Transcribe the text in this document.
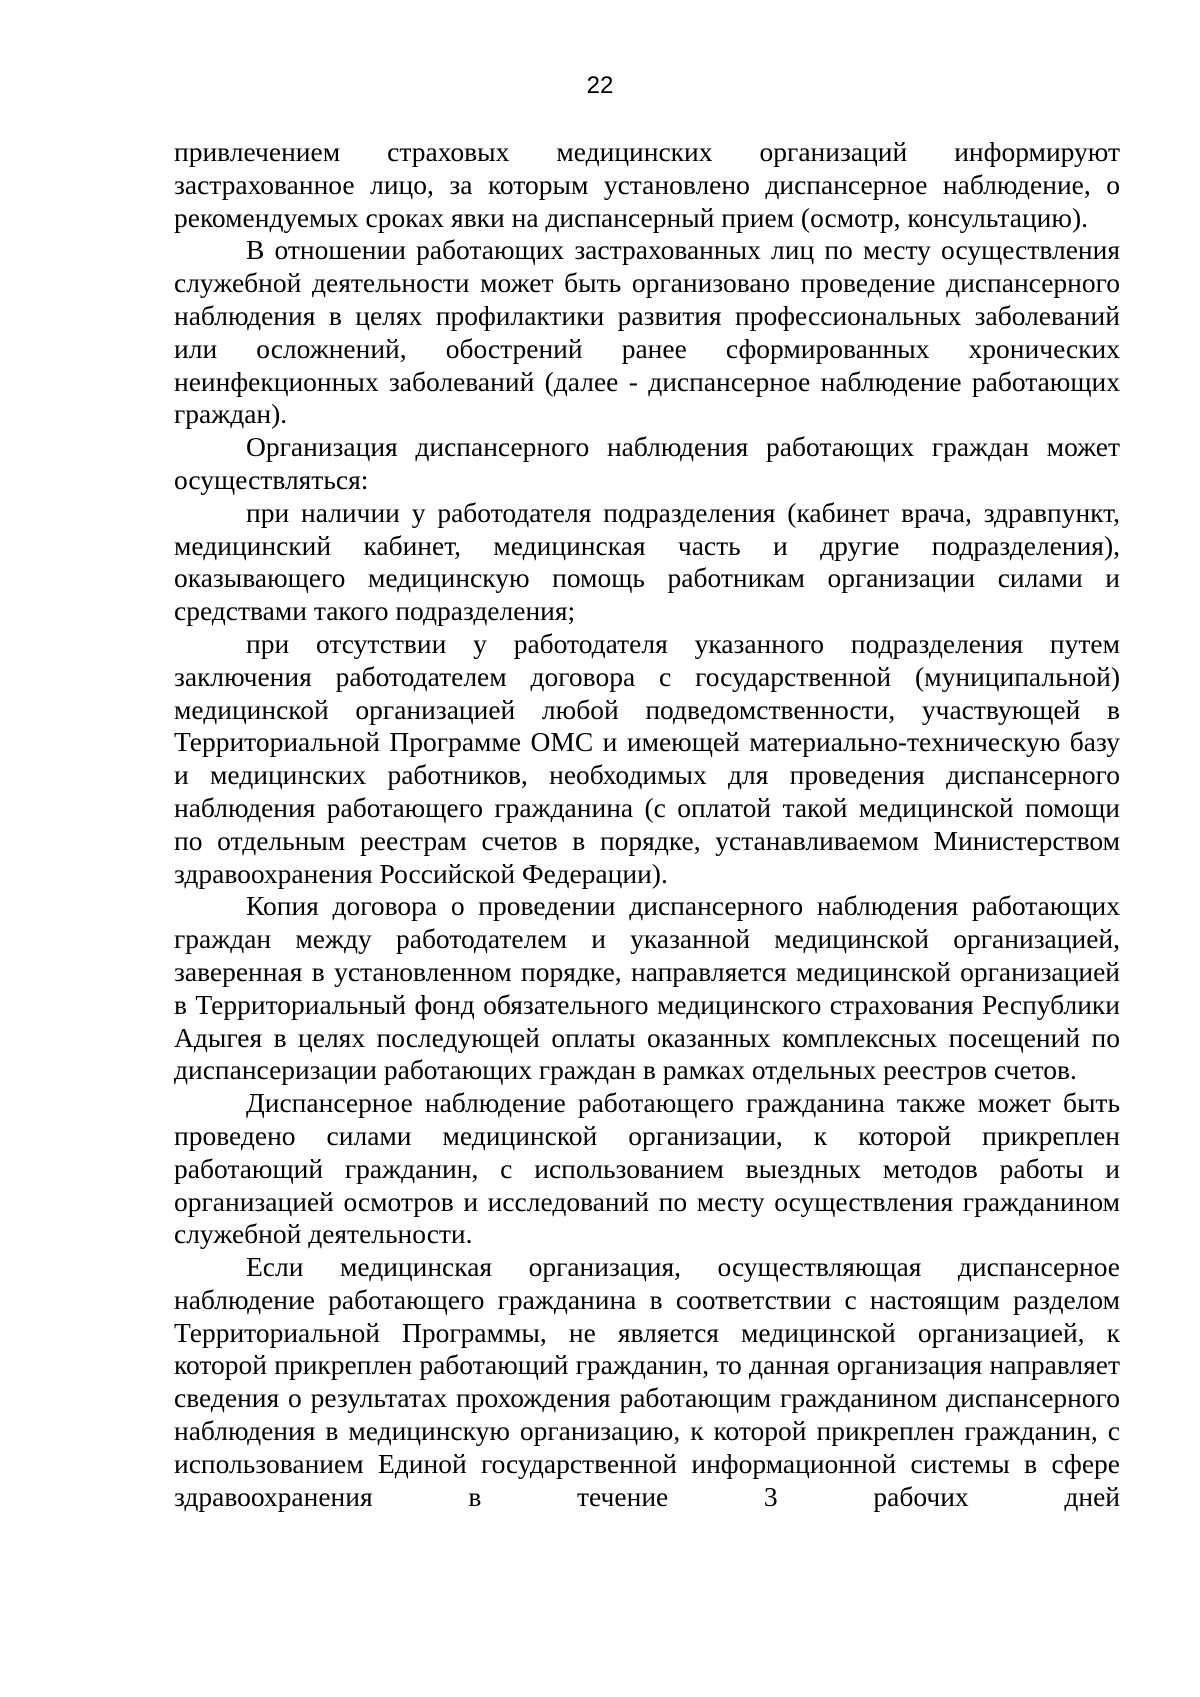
22

привлечением страховых медицинских организаций информируют застрахованное лицо, за которым установлено диспансерное наблюдение, о рекомендуемых сроках явки на диспансерный прием (осмотр, консультацию).

В отношении работающих застрахованных лиц по месту осуществления служебной деятельности может быть организовано проведение диспансерного наблюдения в целях профилактики развития профессиональных заболеваний или осложнений, обострений ранее сформированных хронических неинфекционных заболеваний (далее - диспансерное наблюдение работающих граждан).

Организация диспансерного наблюдения работающих граждан может осуществляться:

при наличии у работодателя подразделения (кабинет врача, здравпункт, медицинский кабинет, медицинская часть и другие подразделения), оказывающего медицинскую помощь работникам организации силами и средствами такого подразделения;

при отсутствии у работодателя указанного подразделения путем заключения работодателем договора с государственной (муниципальной) медицинской организацией любой подведомственности, участвующей в Территориальной Программе ОМС и имеющей материально-техническую базу и медицинских работников, необходимых для проведения диспансерного наблюдения работающего гражданина (с оплатой такой медицинской помощи по отдельным реестрам счетов в порядке, устанавливаемом Министерством здравоохранения Российской Федерации).

Копия договора о проведении диспансерного наблюдения работающих граждан между работодателем и указанной медицинской организацией, заверенная в установленном порядке, направляется медицинской организацией в Территориальный фонд обязательного медицинского страхования Республики Адыгея в целях последующей оплаты оказанных комплексных посещений по диспансеризации работающих граждан в рамках отдельных реестров счетов.

Диспансерное наблюдение работающего гражданина также может быть проведено силами медицинской организации, к которой прикреплен работающий гражданин, с использованием выездных методов работы и организацией осмотров и исследований по месту осуществления гражданином служебной деятельности.

Если медицинская организация, осуществляющая диспансерное наблюдение работающего гражданина в соответствии с настоящим разделом Территориальной Программы, не является медицинской организацией, к которой прикреплен работающий гражданин, то данная организация направляет сведения о результатах прохождения работающим гражданином диспансерного наблюдения в медицинскую организацию, к которой прикреплен гражданин, с использованием Единой государственной информационной системы в сфере здравоохранения в течение 3 рабочих дней
